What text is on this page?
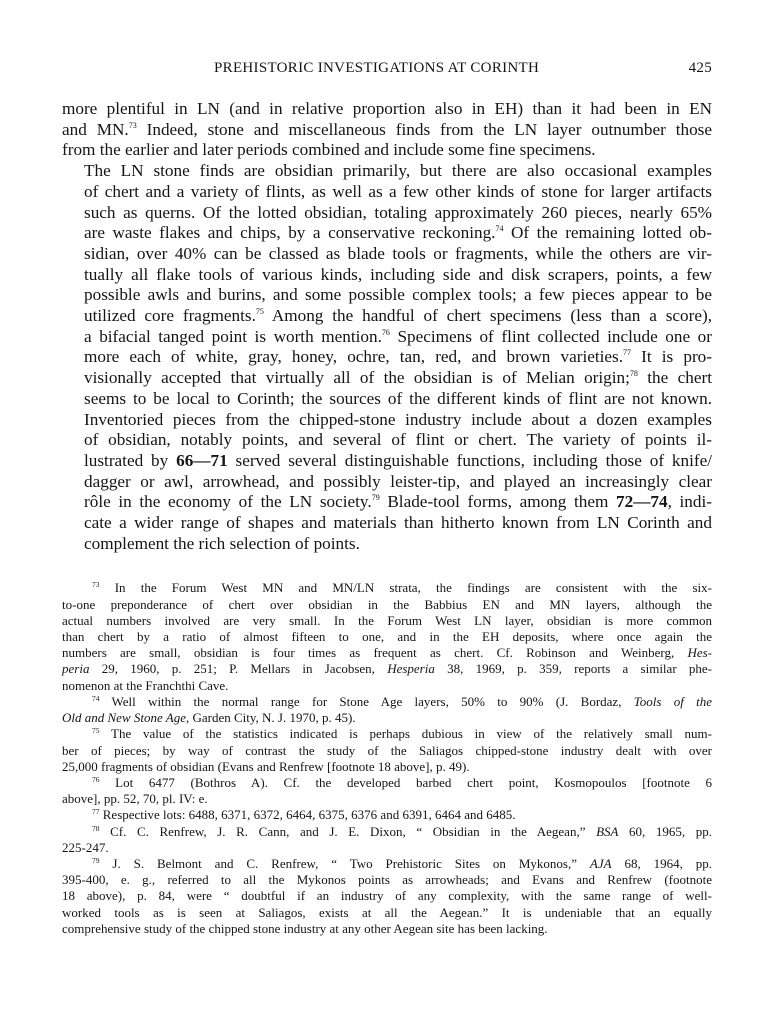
PREHISTORIC INVESTIGATIONS AT CORINTH	425

more plentiful in LN (and in relative proportion also in EH) than it had been in EN
and MN.$^{73}$ Indeed, stone and miscellaneous finds from the LN layer outnumber those
from the earlier and later periods combined and include some fine specimens.

The LN stone finds are obsidian primarily, but there are also occasional examples
of chert and a variety of flints, as well as a few other kinds of stone for larger artifacts
such as querns. Of the lotted obsidian, totaling approximately 260 pieces, nearly 65%
are waste flakes and chips, by a conservative reckoning.$^{74}$ Of the remaining lotted ob-
sidian, over 40% can be classed as blade tools or fragments, while the others are vir-
tually all flake tools of various kinds, including side and disk scrapers, points, a few
possible awls and burins, and some possible complex tools; a few pieces appear to be
utilized core fragments.$^{75}$ Among the handful of chert specimens (less than a score),
a bifacial tanged point is worth mention.$^{76}$ Specimens of flint collected include one or
more each of white, gray, honey, ochre, tan, red, and brown varieties.$^{77}$ It is pro-
visionally accepted that virtually all of the obsidian is of Melian origin;$^{78}$ the chert
seems to be local to Corinth; the sources of the different kinds of flint are not known.
Inventoried pieces from the chipped-stone industry include about a dozen examples
of obsidian, notably points, and several of flint or chert. The variety of points il-
lustrated by 66—71 served several distinguishable functions, including those of knife/
dagger or awl, arrowhead, and possibly leister-tip, and played an increasingly clear
rôle in the economy of the LN society.$^{79}$ Blade-tool forms, among them 72—74, indi-
cate a wider range of shapes and materials than hitherto known from LN Corinth and
complement the rich selection of points.

$^{73}$ In the Forum West MN and MN/LN strata, the findings are consistent with the six-
to-one preponderance of chert over obsidian in the Babbius EN and MN layers, although the
actual numbers involved are very small. In the Forum West LN layer, obsidian is more common
than chert by a ratio of almost fifteen to one, and in the EH deposits, where once again the
numbers are small, obsidian is four times as frequent as chert. Cf. Robinson and Weinberg, Hes-
peria 29, 1960, p. 251; P. Mellars in Jacobsen, Hesperia 38, 1969, p. 359, reports a similar phe-
nomenon at the Franchthi Cave.
$^{74}$ Well within the normal range for Stone Age layers, 50% to 90% (J. Bordaz, Tools of the
Old and New Stone Age, Garden City, N. J. 1970, p. 45).
$^{75}$ The value of the statistics indicated is perhaps dubious in view of the relatively small num-
ber of pieces; by way of contrast the study of the Saliagos chipped-stone industry dealt with over
25,000 fragments of obsidian (Evans and Renfrew [footnote 18 above], p. 49).
$^{76}$ Lot 6477 (Bothros A). Cf. the developed barbed chert point, Kosmopoulos [footnote 6
above], pp. 52, 70, pl. IV: e.
$^{77}$ Respective lots: 6488, 6371, 6372, 6464, 6375, 6376 and 6391, 6464 and 6485.
$^{78}$ Cf. C. Renfrew, J. R. Cann, and J. E. Dixon, “ Obsidian in the Aegean,” BSA 60, 1965, pp.
225-247.
$^{79}$ J. S. Belmont and C. Renfrew, “ Two Prehistoric Sites on Mykonos,” AJA 68, 1964, pp.
395-400, e. g., referred to all the Mykonos points as arrowheads; and Evans and Renfrew (footnote
18 above), p. 84, were “ doubtful if an industry of any complexity, with the same range of well-
worked tools as is seen at Saliagos, exists at all the Aegean.” It is undeniable that an equally
comprehensive study of the chipped stone industry at any other Aegean site has been lacking.
